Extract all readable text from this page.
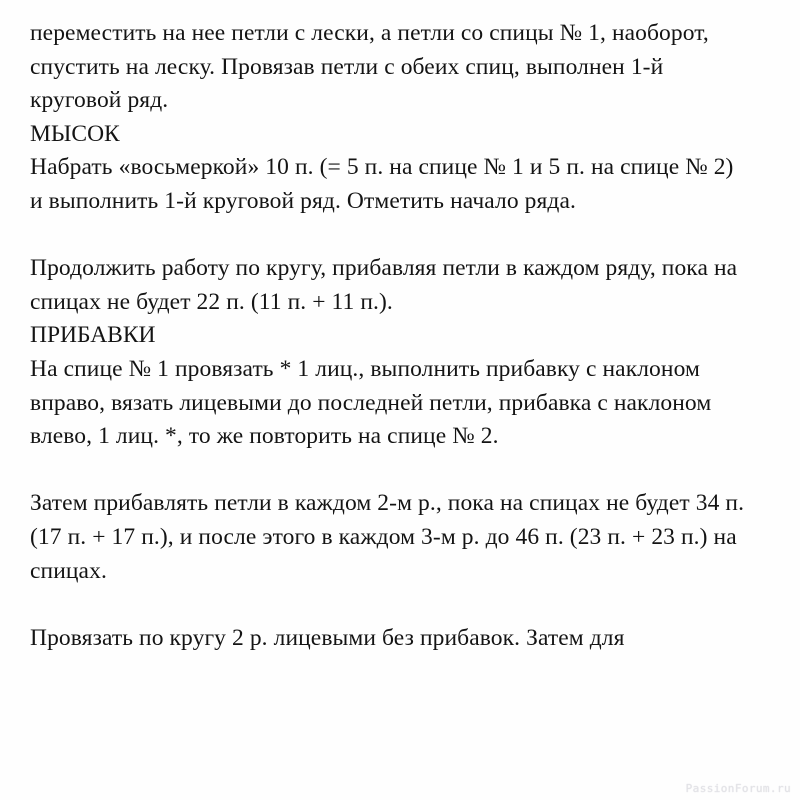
переместить на нее петли с лески, а петли со спицы № 1, наоборот, спустить на леску. Провязав петли с обеих спиц, выполнен 1-й круговой ряд.

МЫСОК

Набрать «восьмеркой» 10 п. (= 5 п. на спице № 1 и 5 п. на спице № 2) и выполнить 1-й круговой ряд. Отметить начало ряда.

Продолжить работу по кругу, прибавляя петли в каждом ряду, пока на спицах не будет 22 п. (11 п. + 11 п.).

ПРИБАВКИ

На спице № 1 провязать * 1 лиц., выполнить прибавку с наклоном вправо, вязать лицевыми до последней петли, прибавка с наклоном влево, 1 лиц. *, то же повторить на спице № 2.

Затем прибавлять петли в каждом 2-м р., пока на спицах не будет 34 п. (17 п. + 17 п.), и после этого в каждом 3-м р. до 46 п. (23 п. + 23 п.) на спицах.

Провязать по кругу 2 р. лицевыми без прибавок. Затем для

PassionForum.ru
